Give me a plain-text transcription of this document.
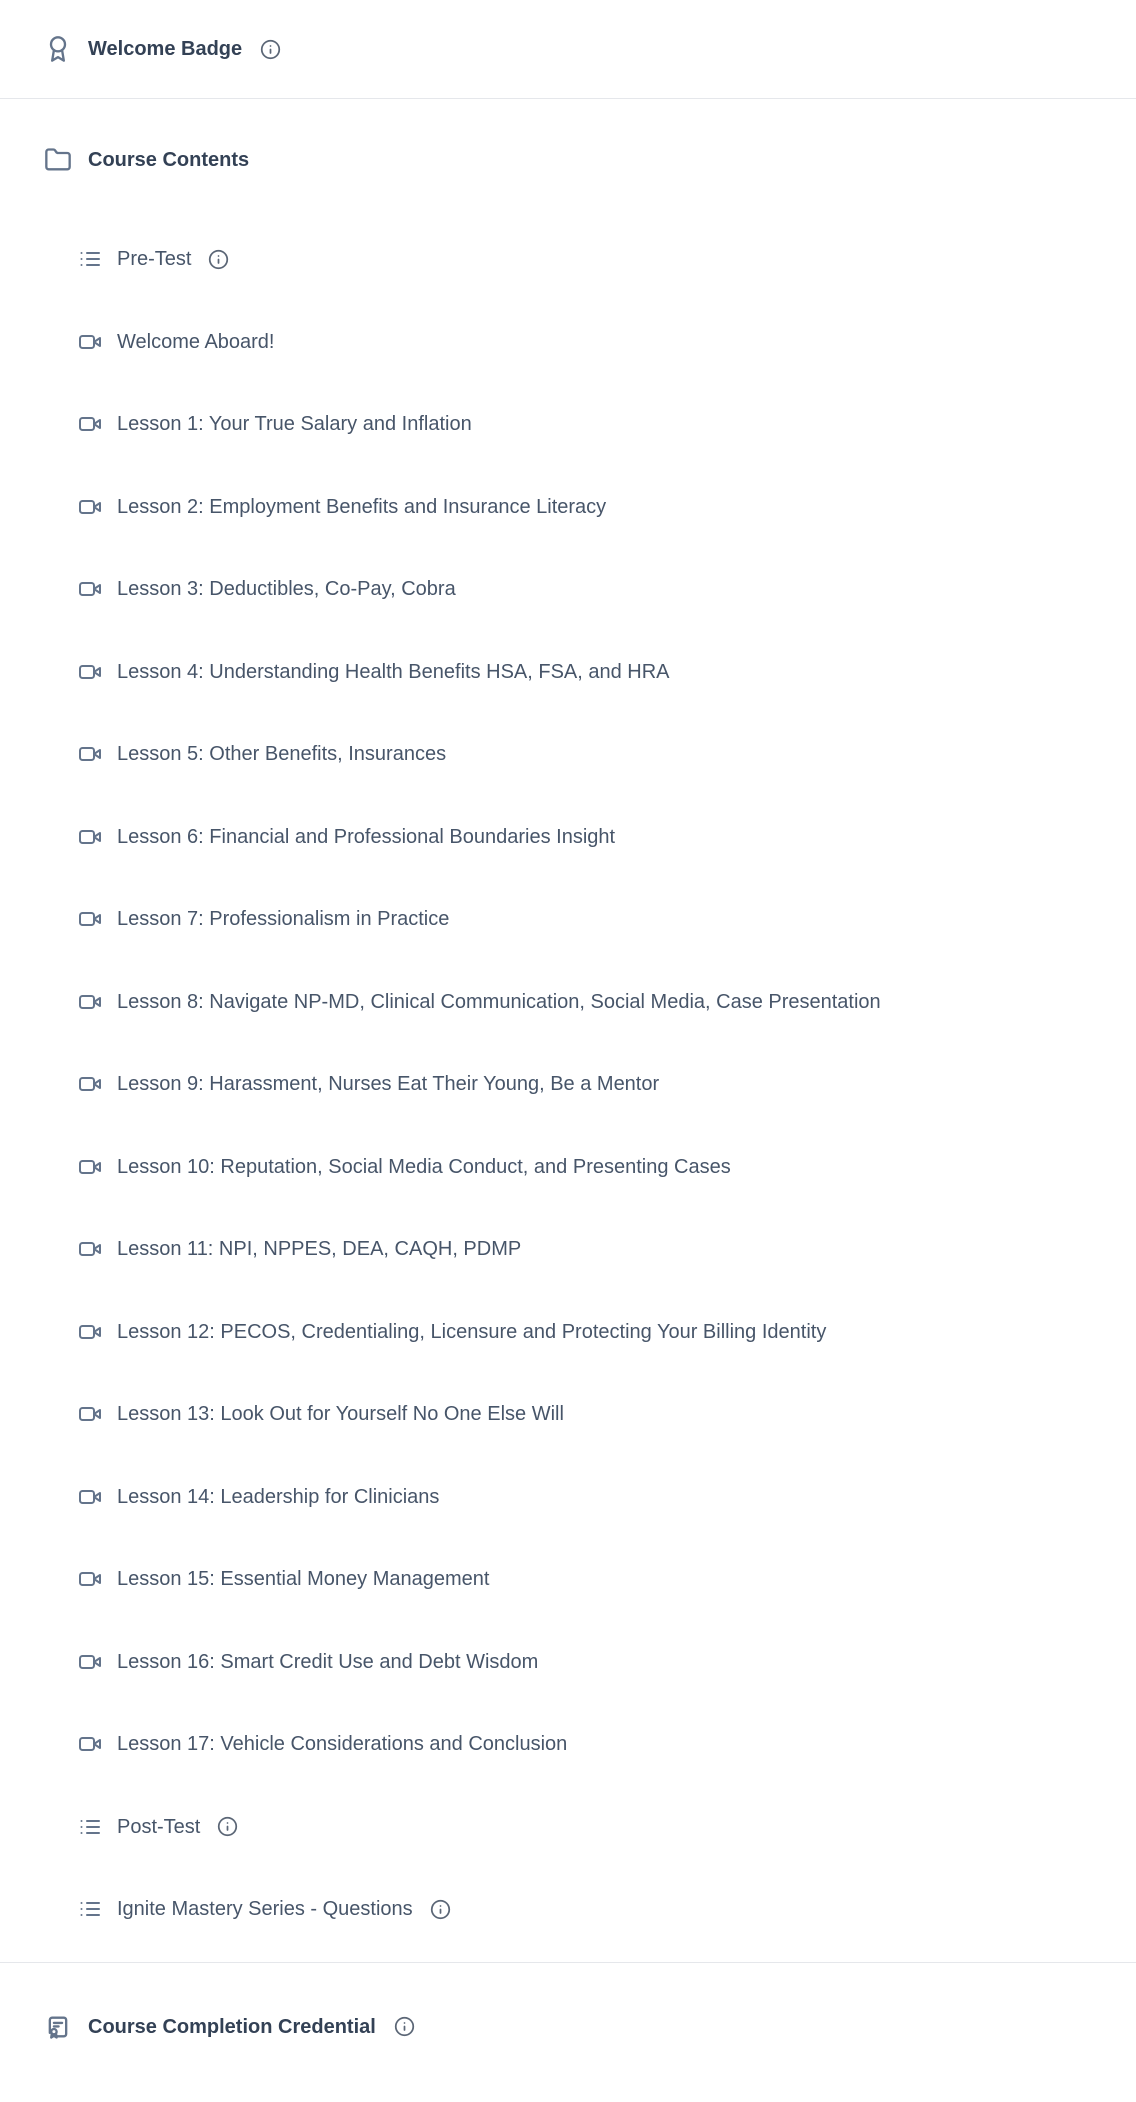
Welcome Badge
Course Contents
Pre-Test
Welcome Aboard!
Lesson 1: Your True Salary and Inflation
Lesson 2: Employment Benefits and Insurance Literacy
Lesson 3: Deductibles, Co-Pay, Cobra
Lesson 4: Understanding Health Benefits HSA, FSA, and HRA
Lesson 5: Other Benefits, Insurances
Lesson 6: Financial and Professional Boundaries Insight
Lesson 7: Professionalism in Practice
Lesson 8: Navigate NP-MD, Clinical Communication, Social Media, Case Presentation
Lesson 9: Harassment, Nurses Eat Their Young, Be a Mentor
Lesson 10: Reputation, Social Media Conduct, and Presenting Cases
Lesson 11: NPI, NPPES, DEA, CAQH, PDMP
Lesson 12: PECOS, Credentialing, Licensure and Protecting Your Billing Identity
Lesson 13: Look Out for Yourself No One Else Will
Lesson 14: Leadership for Clinicians
Lesson 15: Essential Money Management
Lesson 16: Smart Credit Use and Debt Wisdom
Lesson 17: Vehicle Considerations and Conclusion
Post-Test
Ignite Mastery Series - Questions
Course Completion Credential
